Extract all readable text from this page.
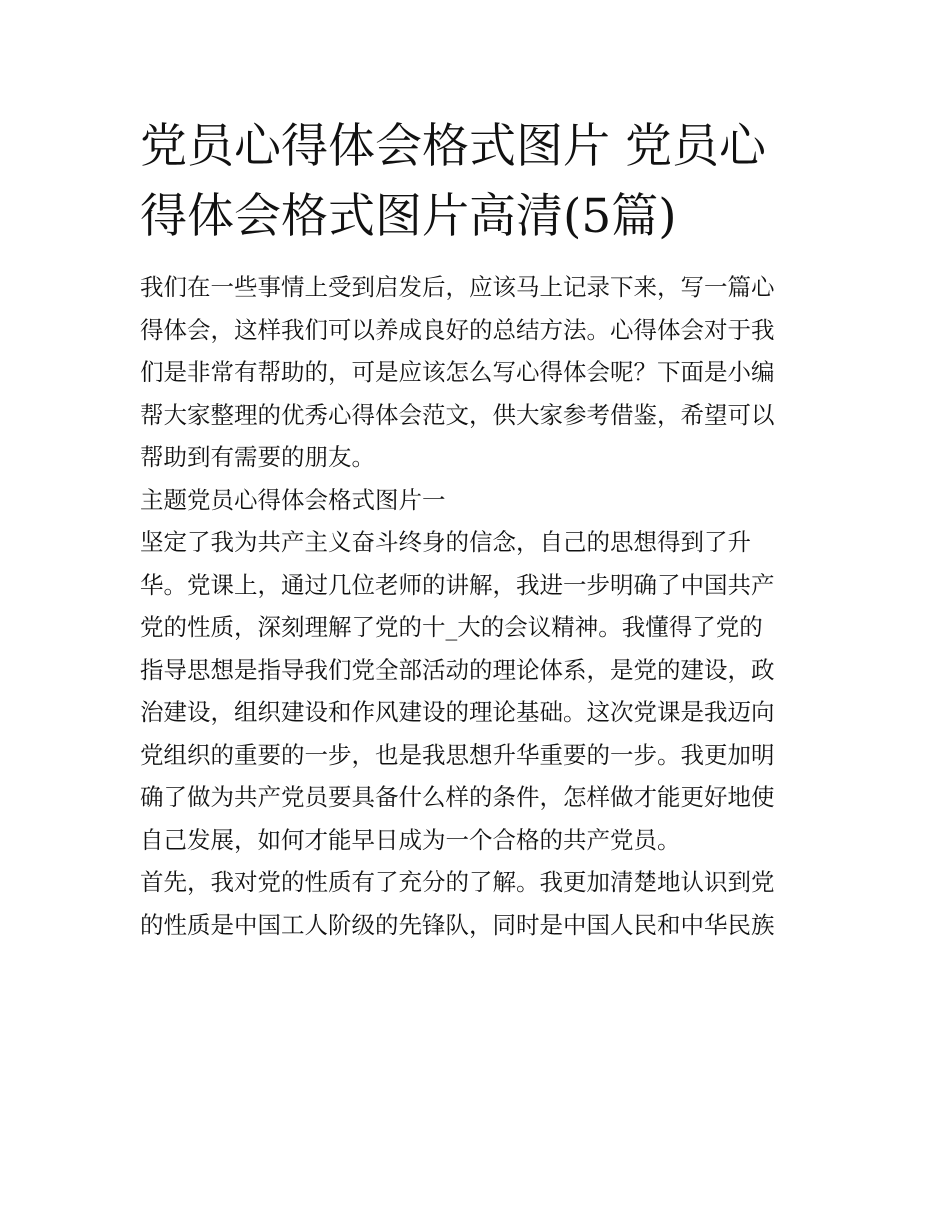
党员心得体会格式图片 党员心
得体会格式图片高清(5篇)

我们在一些事情上受到启发后，应该马上记录下来，写一篇心
得体会，这样我们可以养成良好的总结方法。心得体会对于我
们是非常有帮助的，可是应该怎么写心得体会呢？下面是小编
帮大家整理的优秀心得体会范文，供大家参考借鉴，希望可以
帮助到有需要的朋友。

主题党员心得体会格式图片一

坚定了我为共产主义奋斗终身的信念，自己的思想得到了升
华。党课上，通过几位老师的讲解，我进一步明确了中国共产
党的性质，深刻理解了党的十_大的会议精神。我懂得了党的
指导思想是指导我们党全部活动的理论体系，是党的建设，政
治建设，组织建设和作风建设的理论基础。这次党课是我迈向
党组织的重要的一步，也是我思想升华重要的一步。我更加明
确了做为共产党员要具备什么样的条件，怎样做才能更好地使
自己发展，如何才能早日成为一个合格的共产党员。

首先，我对党的性质有了充分的了解。我更加清楚地认识到党
的性质是中国工人阶级的先锋队，同时是中国人民和中华民族
